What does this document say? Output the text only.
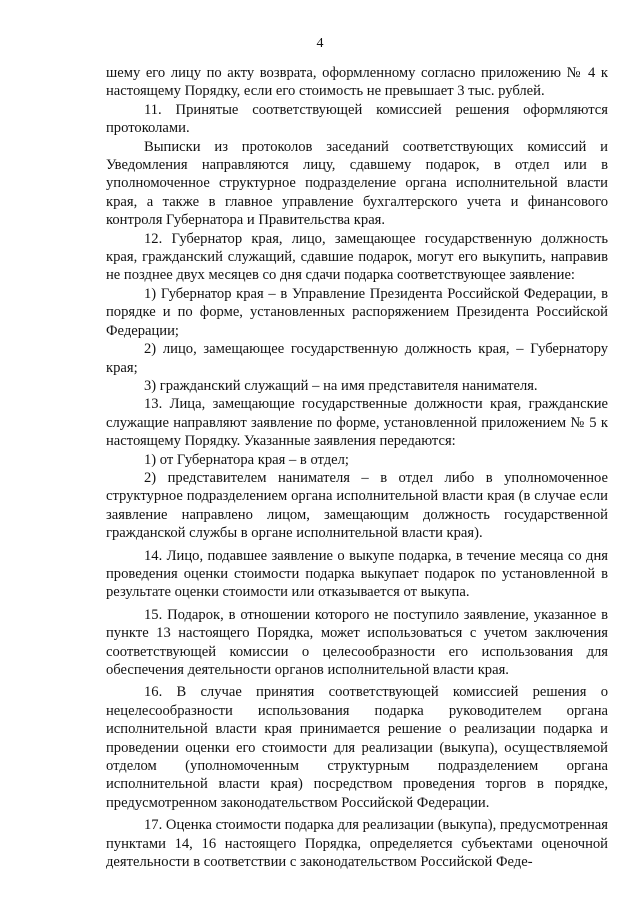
4

шему его лицу по акту возврата, оформленному согласно приложению № 4 к настоящему Порядку, если его стоимость не превышает 3 тыс. рублей.

11. Принятые соответствующей комиссией решения оформляются протоколами.

Выписки из протоколов заседаний соответствующих комиссий и Уведомления направляются лицу, сдавшему подарок, в отдел или в уполномоченное структурное подразделение органа исполнительной власти края, а также в главное управление бухгалтерского учета и финансового контроля Губернатора и Правительства края.

12. Губернатор края, лицо, замещающее государственную должность края, гражданский служащий, сдавшие подарок, могут его выкупить, направив не позднее двух месяцев со дня сдачи подарка соответствующее заявление:

1) Губернатор края – в Управление Президента Российской Федерации, в порядке и по форме, установленных распоряжением Президента Российской Федерации;

2) лицо, замещающее государственную должность края, – Губернатору края;

3) гражданский служащий – на имя представителя нанимателя.

13. Лица, замещающие государственные должности края, гражданские служащие направляют заявление по форме, установленной приложением № 5 к настоящему Порядку. Указанные заявления передаются:

1) от Губернатора края – в отдел;

2) представителем нанимателя – в отдел либо в уполномоченное структурное подразделением органа исполнительной власти края (в случае если заявление направлено лицом, замещающим должность государственной гражданской службы в органе исполнительной власти края).

14. Лицо, подавшее заявление о выкупе подарка, в течение месяца со дня проведения оценки стоимости подарка выкупает подарок по установленной в результате оценки стоимости или отказывается от выкупа.

15. Подарок, в отношении которого не поступило заявление, указанное в пункте 13 настоящего Порядка, может использоваться с учетом заключения соответствующей комиссии о целесообразности его использования для обеспечения деятельности органов исполнительной власти края.

16. В случае принятия соответствующей комиссией решения о нецелесообразности использования подарка руководителем органа исполнительной власти края принимается решение о реализации подарка и проведении оценки его стоимости для реализации (выкупа), осуществляемой отделом (уполномоченным структурным подразделением органа исполнительной власти края) посредством проведения торгов в порядке, предусмотренном законодательством Российской Федерации.

17. Оценка стоимости подарка для реализации (выкупа), предусмотренная пунктами 14, 16 настоящего Порядка, определяется субъектами оценочной деятельности в соответствии с законодательством Российской Феде-
